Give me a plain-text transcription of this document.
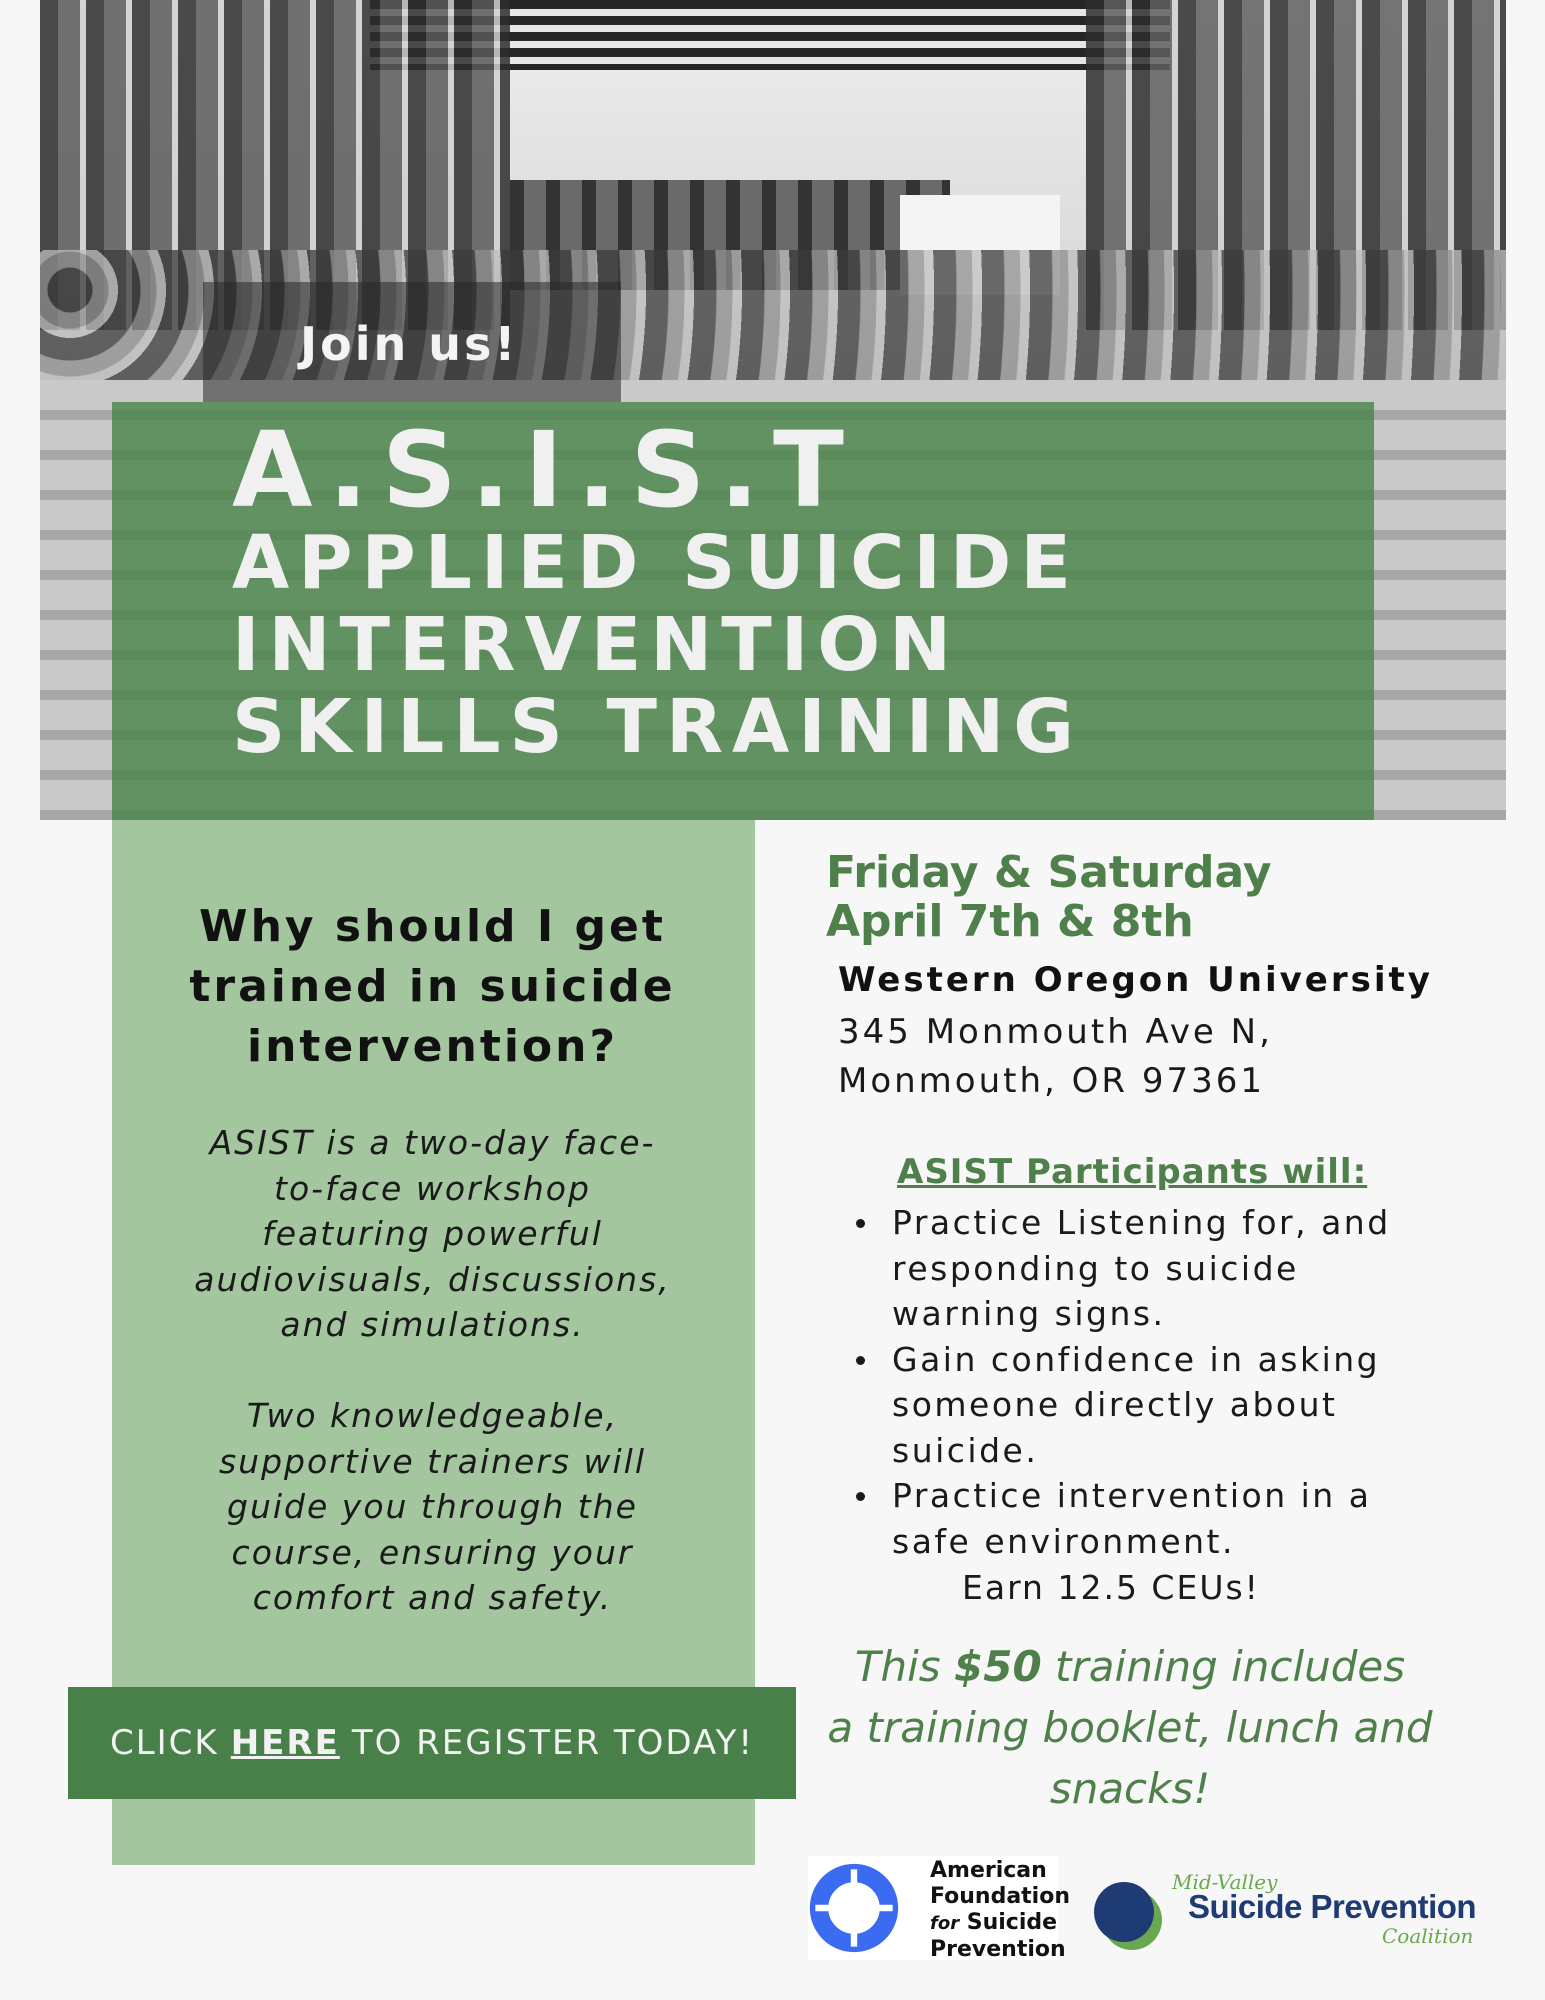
Join us!
A.S.I.S.T
APPLIED SUICIDE
INTERVENTION
SKILLS TRAINING
Why should I get
trained in suicide
intervention?
ASIST is a two-day face-
to-face workshop
featuring powerful
audiovisuals, discussions,
and simulations.
Two knowledgeable,
supportive trainers will
guide you through the
course, ensuring your
comfort and safety.
CLICK HERE TO REGISTER TODAY!
Friday & Saturday
April 7th & 8th
Western Oregon University
345 Monmouth Ave N,
Monmouth, OR 97361
ASIST Participants will:
Practice Listening for, and
responding to suicide
warning signs.
Gain confidence in asking
someone directly about
suicide.
Practice intervention in a
safe environment.
Earn 12.5 CEUs!
This $50 training includes
a training booklet, lunch and
snacks!
American
Foundation
for Suicide
Prevention
Mid-Valley
Suicide Prevention
Coalition
